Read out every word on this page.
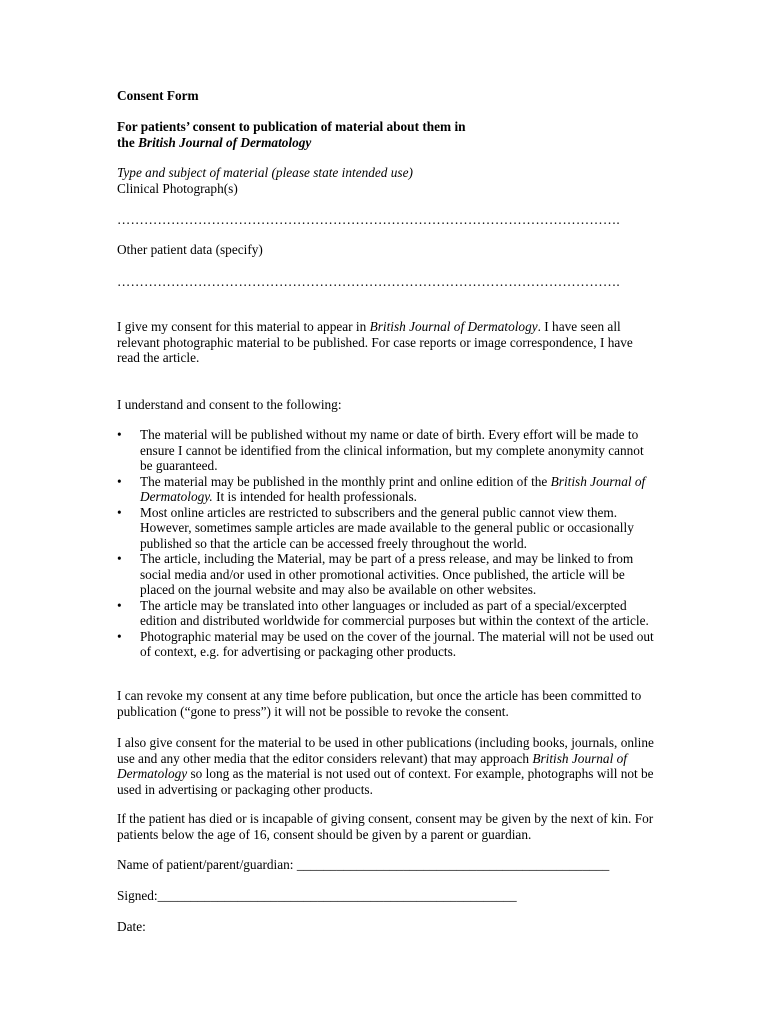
Consent Form

For patients’ consent to publication of material about them in
the British Journal of Dermatology

Type and subject of material (please state intended use)
Clinical Photograph(s)

………………………………………………………………………………………………….

Other patient data (specify)

………………………………………………………………………………………………….

I give my consent for this material to appear in British Journal of Dermatology. I have seen all relevant photographic material to be published. For case reports or image correspondence, I have read the article.

I understand and consent to the following:

• The material will be published without my name or date of birth. Every effort will be made to ensure I cannot be identified from the clinical information, but my complete anonymity cannot be guaranteed.
• The material may be published in the monthly print and online edition of the British Journal of Dermatology. It is intended for health professionals.
• Most online articles are restricted to subscribers and the general public cannot view them. However, sometimes sample articles are made available to the general public or occasionally published so that the article can be accessed freely throughout the world.
• The article, including the Material, may be part of a press release, and may be linked to from social media and/or used in other promotional activities. Once published, the article will be placed on the journal website and may also be available on other websites.
• The article may be translated into other languages or included as part of a special/excerpted edition and distributed worldwide for commercial purposes but within the context of the article.
• Photographic material may be used on the cover of the journal. The material will not be used out of context, e.g. for advertising or packaging other products.

I can revoke my consent at any time before publication, but once the article has been committed to publication (“gone to press”) it will not be possible to revoke the consent.

I also give consent for the material to be used in other publications (including books, journals, online use and any other media that the editor considers relevant) that may approach British Journal of Dermatology so long as the material is not used out of context. For example, photographs will not be used in advertising or packaging other products.

If the patient has died or is incapable of giving consent, consent may be given by the next of kin. For patients below the age of 16, consent should be given by a parent or guardian.

Name of patient/parent/guardian: _______________________________________________

Signed:______________________________________________________

Date:
